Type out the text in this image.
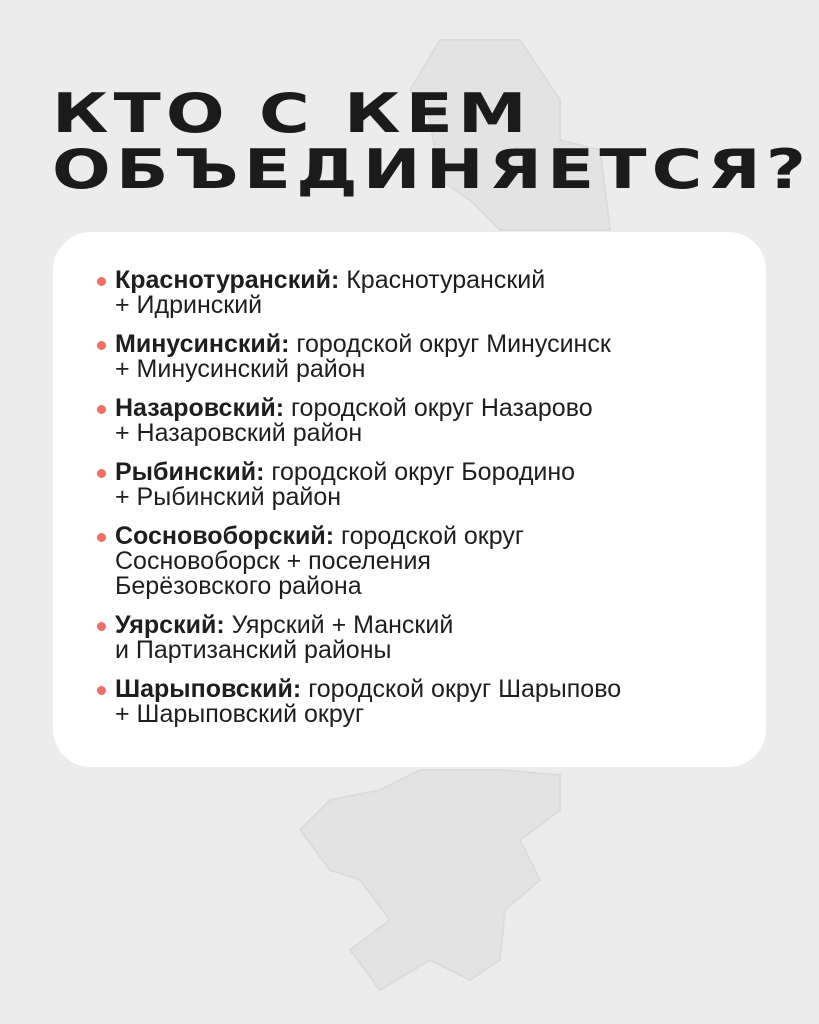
КТО С КЕМ
ОБЪЕДИНЯЕТСЯ?
Краснотуранский: Краснотуранский
+ Идринский
Минусинский: городской округ Минусинск
+ Минусинский район
Назаровский: городской округ Назарово
+ Назаровский район
Рыбинский: городской округ Бородино
+ Рыбинский район
Сосновоборский: городской округ
Сосновоборск + поселения
Берёзовского района
Уярский: Уярский + Манский
и Партизанский районы
Шарыповский: городской округ Шарыпово
+ Шарыповский округ
